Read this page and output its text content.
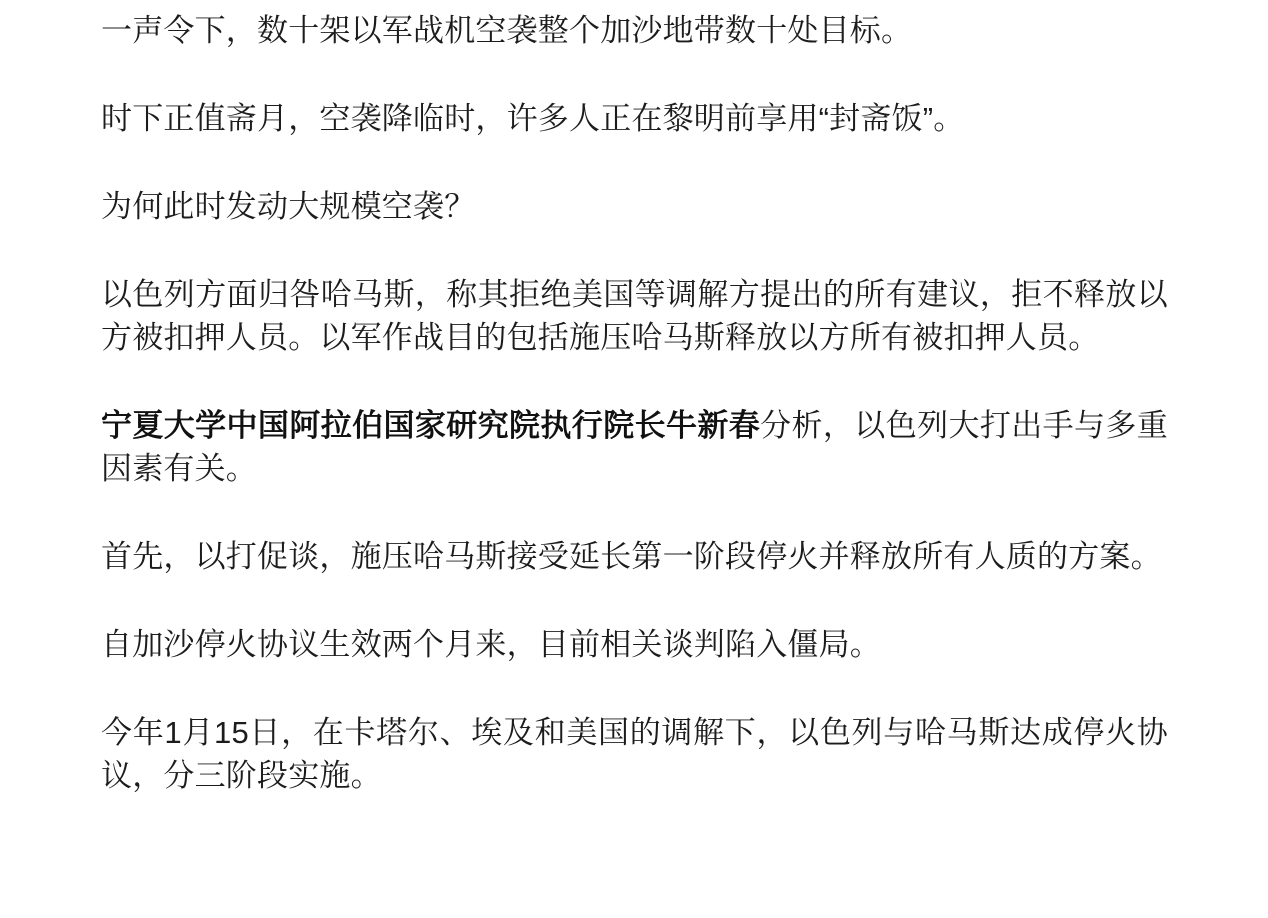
一声令下，数十架以军战机空袭整个加沙地带数十处目标。

时下正值斋月，空袭降临时，许多人正在黎明前享用“封斋饭”。

为何此时发动大规模空袭？

以色列方面归咎哈马斯，称其拒绝美国等调解方提出的所有建议，拒不释放以方被扣押人员。以军作战目的包括施压哈马斯释放以方所有被扣押人员。

宁夏大学中国阿拉伯国家研究院执行院长牛新春分析，以色列大打出手与多重因素有关。

首先，以打促谈，施压哈马斯接受延长第一阶段停火并释放所有人质的方案。

自加沙停火协议生效两个月来，目前相关谈判陷入僵局。

今年1月15日，在卡塔尔、埃及和美国的调解下，以色列与哈马斯达成停火协议，分三阶段实施。
